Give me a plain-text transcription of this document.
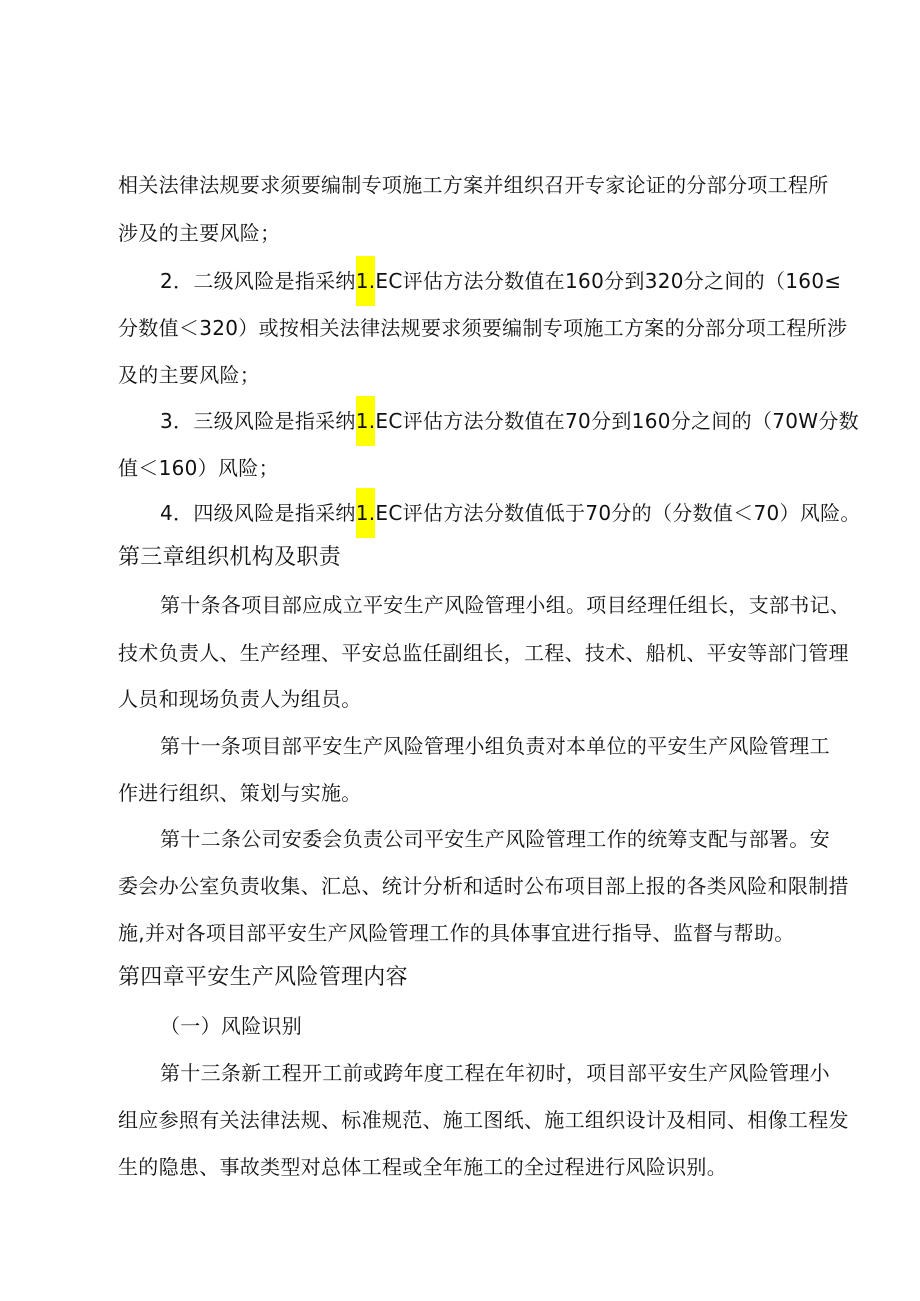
相关法律法规要求须要编制专项施工方案并组织召开专家论证的分部分项工程所
涉及的主要风险；
2．二级风险是指采纳1.EC评估方法分数值在160分到320分之间的（160≤
分数值＜320）或按相关法律法规要求须要编制专项施工方案的分部分项工程所涉
及的主要风险；
3．三级风险是指采纳1.EC评估方法分数值在70分到160分之间的（70W分数
值＜160）风险；
4．四级风险是指采纳1.EC评估方法分数值低于70分的（分数值＜70）风险。
第三章组织机构及职责
第十条各项目部应成立平安生产风险管理小组。项目经理任组长，支部书记、
技术负责人、生产经理、平安总监任副组长，工程、技术、船机、平安等部门管理
人员和现场负责人为组员。
第十一条项目部平安生产风险管理小组负责对本单位的平安生产风险管理工
作进行组织、策划与实施。
第十二条公司安委会负责公司平安生产风险管理工作的统筹支配与部署。安
委会办公室负责收集、汇总、统计分析和适时公布项目部上报的各类风险和限制措
施,并对各项目部平安生产风险管理工作的具体事宜进行指导、监督与帮助。
第四章平安生产风险管理内容
（一）风险识别
第十三条新工程开工前或跨年度工程在年初时，项目部平安生产风险管理小
组应参照有关法律法规、标准规范、施工图纸、施工组织设计及相同、相像工程发
生的隐患、事故类型对总体工程或全年施工的全过程进行风险识别。
